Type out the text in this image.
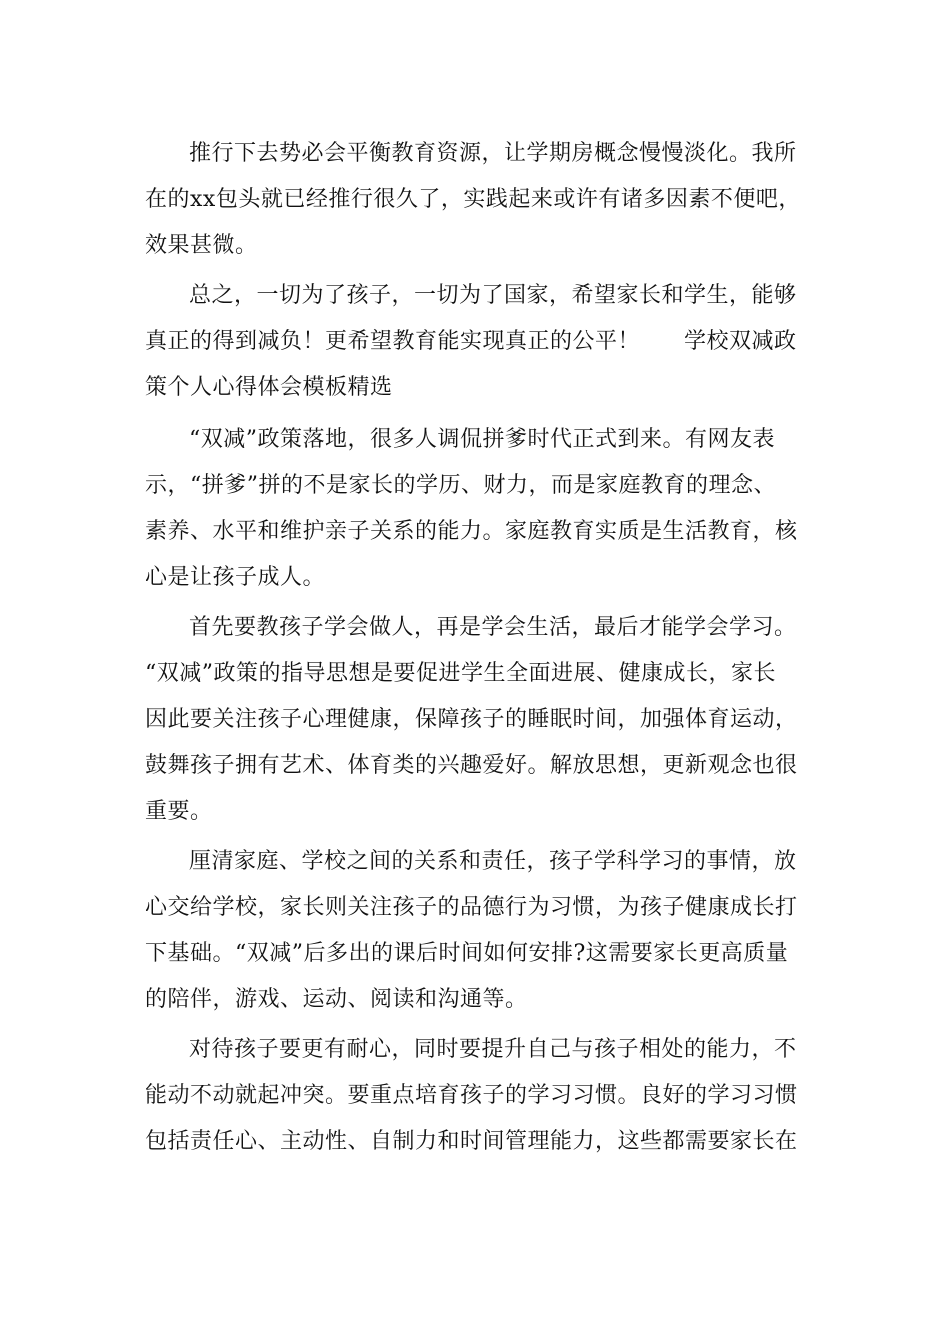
推行下去势必会平衡教育资源，让学期房概念慢慢淡化。我所
在的xx包头就已经推行很久了，实践起来或许有诸多因素不便吧，
效果甚微。
总之，一切为了孩子，一切为了国家，希望家长和学生，能够
真正的得到减负！更希望教育能实现真正的公平！ 学校双减政
策个人心得体会模板精选
“双减”政策落地，很多人调侃拼爹时代正式到来。有网友表
示，“拼爹”拼的不是家长的学历、财力，而是家庭教育的理念、
素养、水平和维护亲子关系的能力。家庭教育实质是生活教育，核
心是让孩子成人。
首先要教孩子学会做人，再是学会生活，最后才能学会学习。
“双减”政策的指导思想是要促进学生全面进展、健康成长，家长
因此要关注孩子心理健康，保障孩子的睡眠时间，加强体育运动，
鼓舞孩子拥有艺术、体育类的兴趣爱好。解放思想，更新观念也很
重要。
厘清家庭、学校之间的关系和责任，孩子学科学习的事情，放
心交给学校，家长则关注孩子的品德行为习惯，为孩子健康成长打
下基础。“双减”后多出的课后时间如何安排?这需要家长更高质量
的陪伴，游戏、运动、阅读和沟通等。
对待孩子要更有耐心，同时要提升自己与孩子相处的能力，不
能动不动就起冲突。要重点培育孩子的学习习惯。良好的学习习惯
包括责任心、主动性、自制力和时间管理能力，这些都需要家长在
